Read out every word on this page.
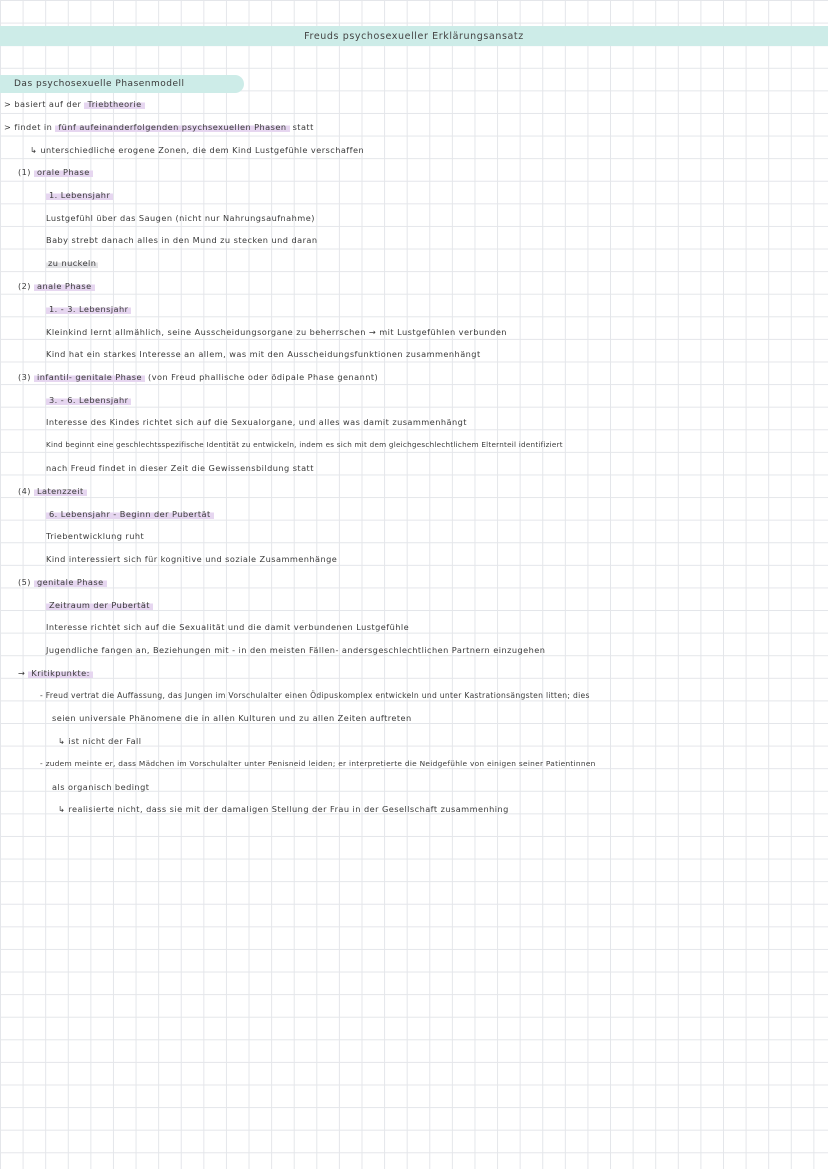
Freuds psychosexueller Erklärungsansatz
Das psychosexuelle Phasenmodell
> basiert auf der Triebtheorie
> findet in fünf aufeinanderfolgenden psychsexuellen Phasen statt
↳ unterschiedliche erogene Zonen, die dem Kind Lustgefühle verschaffen
(1) orale Phase
1. Lebensjahr
Lustgefühl über das Saugen (nicht nur Nahrungsaufnahme)
Baby strebt danach alles in den Mund zu stecken und daran
zu nuckeln
(2) anale Phase
1. - 3. Lebensjahr
Kleinkind lernt allmählich, seine Ausscheidungsorgane zu beherrschen → mit Lustgefühlen verbunden
Kind hat ein starkes Interesse an allem, was mit den Ausscheidungsfunktionen zusammenhängt
(3) infantil- genitale Phase (von Freud phallische oder ödipale Phase genannt)
3. - 6. Lebensjahr
Interesse des Kindes richtet sich auf die Sexualorgane, und alles was damit zusammenhängt
Kind beginnt eine geschlechtsspezifische Identität zu entwickeln, indem es sich mit dem gleichgeschlechtlichem Elternteil identifiziert
nach Freud findet in dieser Zeit die Gewissensbildung statt
(4) Latenzzeit
6. Lebensjahr - Beginn der Pubertät
Triebentwicklung ruht
Kind interessiert sich für kognitive und soziale Zusammenhänge
(5) genitale Phase
Zeitraum der Pubertät
Interesse richtet sich auf die Sexualität und die damit verbundenen Lustgefühle
Jugendliche fangen an, Beziehungen mit - in den meisten Fällen- andersgeschlechtlichen Partnern einzugehen
→ Kritikpunkte:
- Freud vertrat die Auffassung, das Jungen im Vorschulalter einen Ödipuskomplex entwickeln und unter Kastrationsängsten litten; dies
seien universale Phänomene die in allen Kulturen und zu allen Zeiten auftreten
↳ ist nicht der Fall
- zudem meinte er, dass Mädchen im Vorschulalter unter Penisneid leiden; er interpretierte die Neidgefühle von einigen seiner Patientinnen
als organisch bedingt
↳ realisierte nicht, dass sie mit der damaligen Stellung der Frau in der Gesellschaft zusammenhing
